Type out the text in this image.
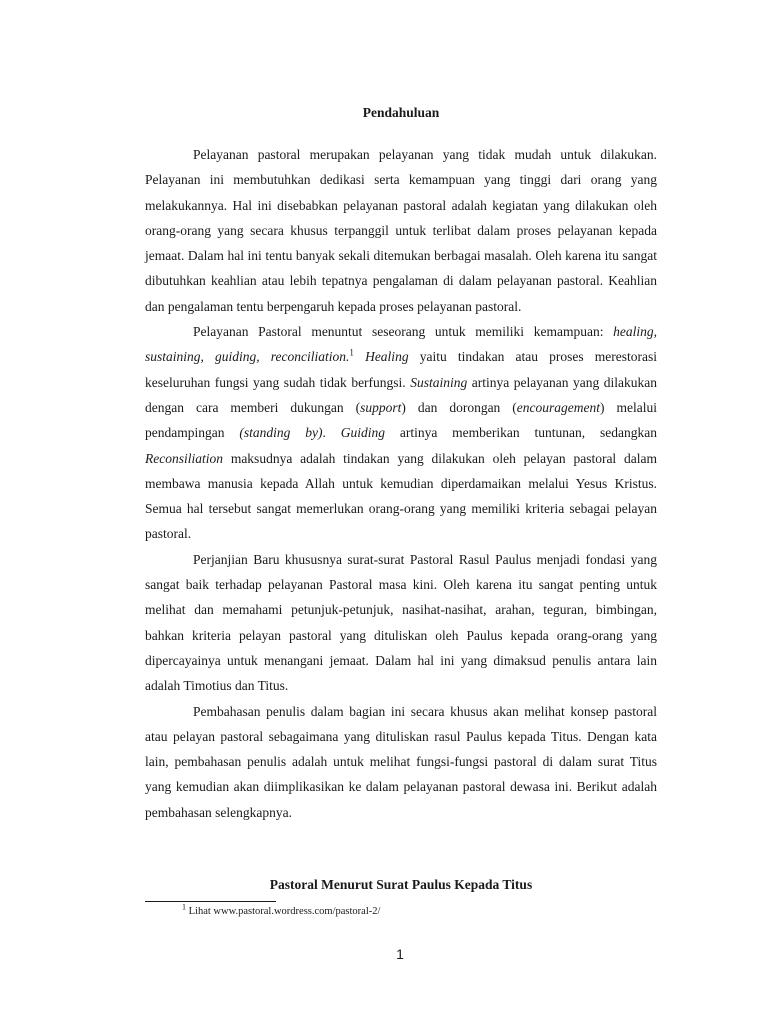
Pendahuluan

Pelayanan pastoral merupakan pelayanan yang tidak mudah untuk dilakukan. Pelayanan ini membutuhkan dedikasi serta kemampuan yang tinggi dari orang yang melakukannya. Hal ini disebabkan pelayanan pastoral adalah kegiatan yang dilakukan oleh orang-orang yang secara khusus terpanggil untuk terlibat dalam proses pelayanan kepada jemaat. Dalam hal ini tentu banyak sekali ditemukan berbagai masalah. Oleh karena itu sangat dibutuhkan keahlian atau lebih tepatnya pengalaman di dalam pelayanan pastoral. Keahlian dan pengalaman tentu berpengaruh kepada proses pelayanan pastoral.

Pelayanan Pastoral menuntut seseorang untuk memiliki kemampuan: healing, sustaining, guiding, reconciliation.$^1$ Healing yaitu tindakan atau proses merestorasi keseluruhan fungsi yang sudah tidak berfungsi. Sustaining artinya pelayanan yang dilakukan dengan cara memberi dukungan (support) dan dorongan (encouragement) melalui pendampingan (standing by). Guiding artinya memberikan tuntunan, sedangkan Reconsiliation maksudnya adalah tindakan yang dilakukan oleh pelayan pastoral dalam membawa manusia kepada Allah untuk kemudian diperdamaikan melalui Yesus Kristus. Semua hal tersebut sangat memerlukan orang-orang yang memiliki kriteria sebagai pelayan pastoral.

Perjanjian Baru khususnya surat-surat Pastoral Rasul Paulus menjadi fondasi yang sangat baik terhadap pelayanan Pastoral masa kini. Oleh karena itu sangat penting untuk melihat dan memahami petunjuk-petunjuk, nasihat-nasihat, arahan, teguran, bimbingan, bahkan kriteria pelayan pastoral yang dituliskan oleh Paulus kepada orang-orang yang dipercayainya untuk menangani jemaat. Dalam hal ini yang dimaksud penulis antara lain adalah Timotius dan Titus.

Pembahasan penulis dalam bagian ini secara khusus akan melihat konsep pastoral atau pelayan pastoral sebagaimana yang dituliskan rasul Paulus kepada Titus. Dengan kata lain, pembahasan penulis adalah untuk melihat fungsi-fungsi pastoral di dalam surat Titus yang kemudian akan diimplikasikan ke dalam pelayanan pastoral dewasa ini. Berikut adalah pembahasan selengkapnya.

Pastoral Menurut Surat Paulus Kepada Titus
$^1$ Lihat www.pastoral.wordress.com/pastoral-2/
1
